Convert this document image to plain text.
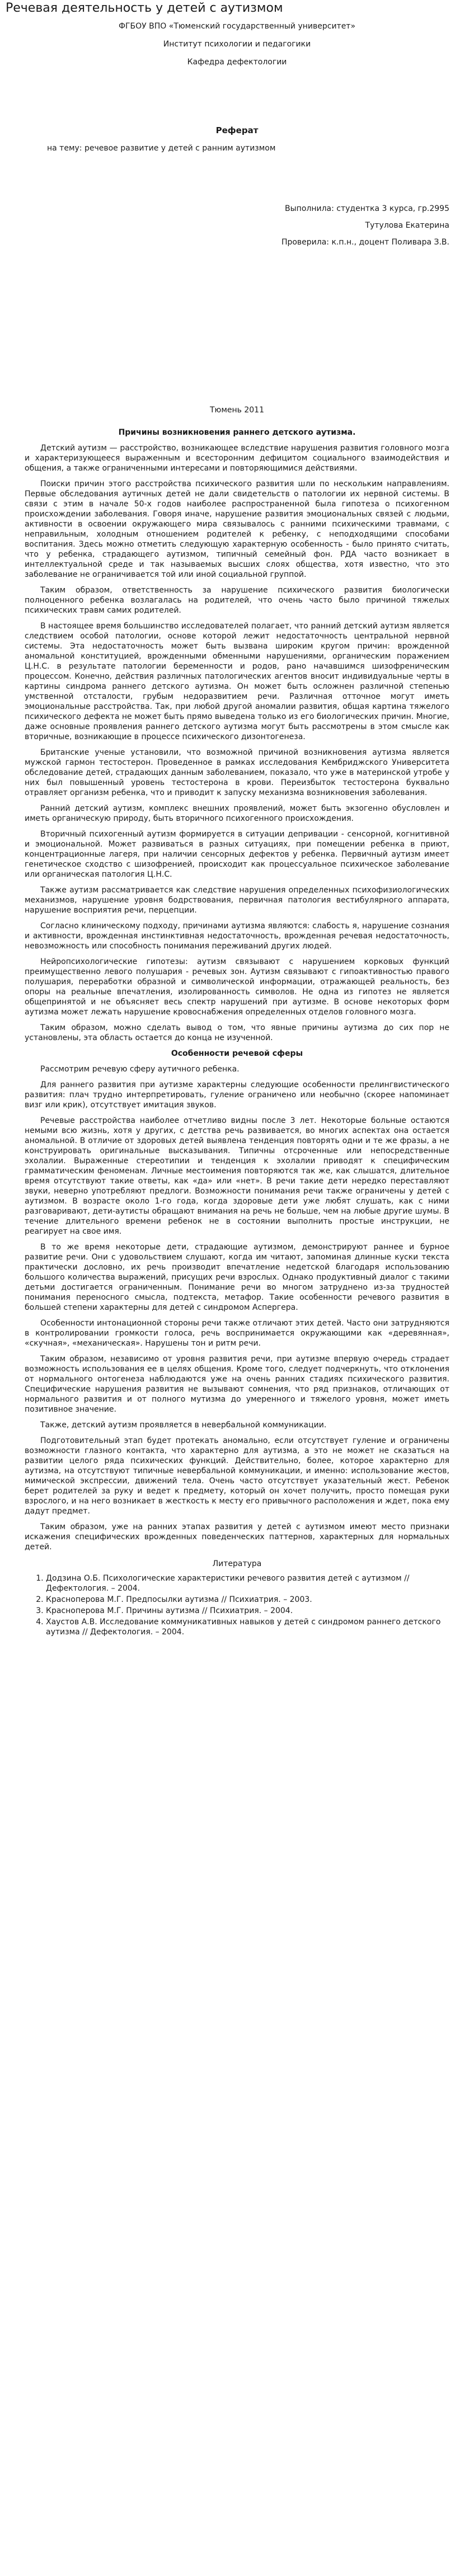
Речевая деятельность у детей с аутизмом

ФГБОУ ВПО «Тюменский государственный университет»

Институт психологии и педагогики

Кафедра дефектологии

Реферат

на тему: речевое развитие у детей с ранним аутизмом

Выполнила: студентка 3 курса, гр.2995

Тутулова Екатерина

Проверила: к.п.н., доцент Поливара З.В.

Тюмень 2011

Причины возникновения раннего детского аутизма.

Детский аутизм — расстройство, возникающее вследствие нарушения развития головного мозга и характеризующееся выраженным и всесторонним дефицитом социального взаимодействия и общения, а также ограниченными интересами и повторяющимися действиями.

Поиски причин этого расстройства психического развития шли по нескольким направлениям. Первые обследования аутичных детей не дали свидетельств о патологии их нервной системы. В связи с этим в начале 50-х годов наиболее распространенной была гипотеза о психогенном происхождении заболевания. Говоря иначе, нарушение развития эмоциональных связей с людьми, активности в освоении окружающего мира связывалось с ранними психическими травмами, с неправильным, холодным отношением родителей к ребенку, с неподходящими способами воспитания. Здесь можно отметить следующую характерную особенность - было принято считать, что у ребенка, страдающего аутизмом, типичный семейный фон. РДА часто возникает в интеллектуальной среде и так называемых высших слоях общества, хотя известно, что это заболевание не ограничивается той или иной социальной группой.

Таким образом, ответственность за нарушение психического развития биологически полноценного ребенка возлагалась на родителей, что очень часто было причиной тяжелых психических травм самих родителей.

В настоящее время большинство исследователей полагает, что ранний детский аутизм является следствием особой патологии, основе которой лежит недостаточность центральной нервной системы. Эта недостаточность может быть вызвана широким кругом причин: врожденной аномальной конституцией, врожденными обменными нарушениями, органическим поражением Ц.Н.С. в результате патологии беременности и родов, рано начавшимся шизофреническим процессом. Конечно, действия различных патологических агентов вносит индивидуальные черты в картины синдрома раннего детского аутизма. Он может быть осложнен различной степенью умственной отсталости, грубым недоразвитием речи. Различная отточное могут иметь эмоциональные расстройства. Так, при любой другой аномалии развития, общая картина тяжелого психического дефекта не может быть прямо выведена только из его биологических причин. Многие, даже основные проявления раннего детского аутизма могут быть рассмотрены в этом смысле как вторичные, возникающие в процессе психического дизонтогенеза.

Британские ученые установили, что возможной причиной возникновения аутизма является мужской гармон тестостерон. Проведенное в рамках исследования Кембриджского Университета обследование детей, страдающих данным заболеванием, показало, что уже в материнской утробе у них был повышенный уровень тестостерона в крови. Переизбыток тестостерона буквально отравляет организм ребенка, что и приводит к запуску механизма возникновения заболевания.

Ранний детский аутизм, комплекс внешних проявлений, может быть экзогенно обусловлен и иметь органическую природу, быть вторичного психогенного происхождения.

Вторичный психогенный аутизм формируется в ситуации депривации - сенсорной, когнитивной и эмоциональной. Может развиваться в разных ситуациях, при помещении ребенка в приют, концентрационные лагеря, при наличии сенсорных дефектов у ребенка. Первичный аутизм имеет генетическое сходство с шизофренией, происходит как процессуальное психическое заболевание или органическая патология Ц.Н.С.

Также аутизм рассматривается как следствие нарушения определенных психофизиологических механизмов, нарушение уровня бодрствования, первичная патология вестибулярного аппарата, нарушение восприятия речи, перцепции.

Согласно клиническому подходу, причинами аутизма являются: слабость я, нарушение сознания и активности, врожденная инстинктивная недостаточность, врожденная речевая недостаточность, невозможность или способность понимания переживаний других людей.

Нейропсихологические гипотезы: аутизм связывают с нарушением корковых функций преимущественно левого полушария - речевых зон. Аутизм связывают с гипоактивностью правого полушария, переработки образной и символической информации, отражающей реальность, без опоры на реальные впечатления, изолированность символов. Не одна из гипотез не является общепринятой и не объясняет весь спектр нарушений при аутизме. В основе некоторых форм аутизма может лежать нарушение кровоснабжения определенных отделов головного мозга.

Таким образом, можно сделать вывод о том, что явные причины аутизма до сих пор не установлены, эта область остается до конца не изученной.

Особенности речевой сферы

Рассмотрим речевую сферу аутичного ребенка.

Для раннего развития при аутизме характерны следующие особенности прелингвистического развития: плач трудно интерпретировать, гуление ограничено или необычно (скорее напоминает визг или крик), отсутствует имитация звуков.

Речевые расстройства наиболее отчетливо видны после 3 лет. Некоторые больные остаются немыми всю жизнь, хотя у других, с детства речь развивается, во многих аспектах она остается аномальной. В отличие от здоровых детей выявлена тенденция повторять одни и те же фразы, а не конструировать оригинальные высказывания. Типичны отсроченные или непосредственные эхолалии. Выраженные стереотипии и тенденция к эхолалии приводят к специфическим грамматическим феноменам. Личные местоимения повторяются так же, как слышатся, длительное время отсутствуют такие ответы, как «да» или «нет». В речи такие дети нередко переставляют звуки, неверно употребляют предлоги. Возможности понимания речи также ограничены у детей с аутизмом. В возрасте около 1-го года, когда здоровые дети уже любят слушать, как с ними разговаривают, дети-аутисты обращают внимания на речь не больше, чем на любые другие шумы. В течение длительного времени ребенок не в состоянии выполнить простые инструкции, не реагирует на свое имя.

В то же время некоторые дети, страдающие аутизмом, демонстрируют раннее и бурное развитие речи. Они с удовольствием слушают, когда им читают, запоминая длинные куски текста практически дословно, их речь производит впечатление недетской благодаря использованию большого количества выражений, присущих речи взрослых. Однако продуктивный диалог с такими детьми достигается ограниченным. Понимание речи во многом затруднено из-за трудностей понимания переносного смысла, подтекста, метафор. Такие особенности речевого развития в большей степени характерны для детей с синдромом Аспергера.

Особенности интонационной стороны речи также отличают этих детей. Часто они затрудняются в контролировании громкости голоса, речь воспринимается окружающими как «деревянная», «скучная», «механическая». Нарушены тон и ритм речи.

Таким образом, независимо от уровня развития речи, при аутизме впервую очередь страдает возможность использования ее в целях общения. Кроме того, следует подчеркнуть, что отклонения от нормального онтогенеза наблюдаются уже на очень ранних стадиях психического развития. Специфические нарушения развития не вызывают сомнения, что ряд признаков, отличающих от нормального развития и от полного мутизма до умеренного и тяжелого уровня, может иметь позитивное значение.

Также, детский аутизм проявляется в невербальной коммуникации.

Подготовительный этап будет протекать аномально, если отсутствует гуление и ограничены возможности глазного контакта, что характерно для аутизма, а это не может не сказаться на развитии целого ряда психических функций. Действительно, более, которое характерно для аутизма, на отсутствуют типичные невербальной коммуникации, и именно: использование жестов, мимической экспрессии, движений тела. Очень часто отсутствует указательный жест. Ребенок берет родителей за руку и ведет к предмету, который он хочет получить, просто помещая руки взрослого, и на него возникает в жесткость к месту его привычного расположения и ждет, пока ему дадут предмет.

Таким образом, уже на ранних этапах развития у детей с аутизмом имеют место признаки искажения специфических врожденных поведенческих паттернов, характерных для нормальных детей.

Литература

1. Додзина О.Б. Психологические характеристики речевого развития детей с аутизмом // Дефектология. – 2004.
2. Красноперова М.Г. Предпосылки аутизма // Психиатрия. – 2003.
3. Красноперова М.Г. Причины аутизма // Психиатрия. – 2004.
4. Хаустов А.В. Исследование коммуникативных навыков у детей с синдромом раннего детского аутизма // Дефектология. – 2004.
